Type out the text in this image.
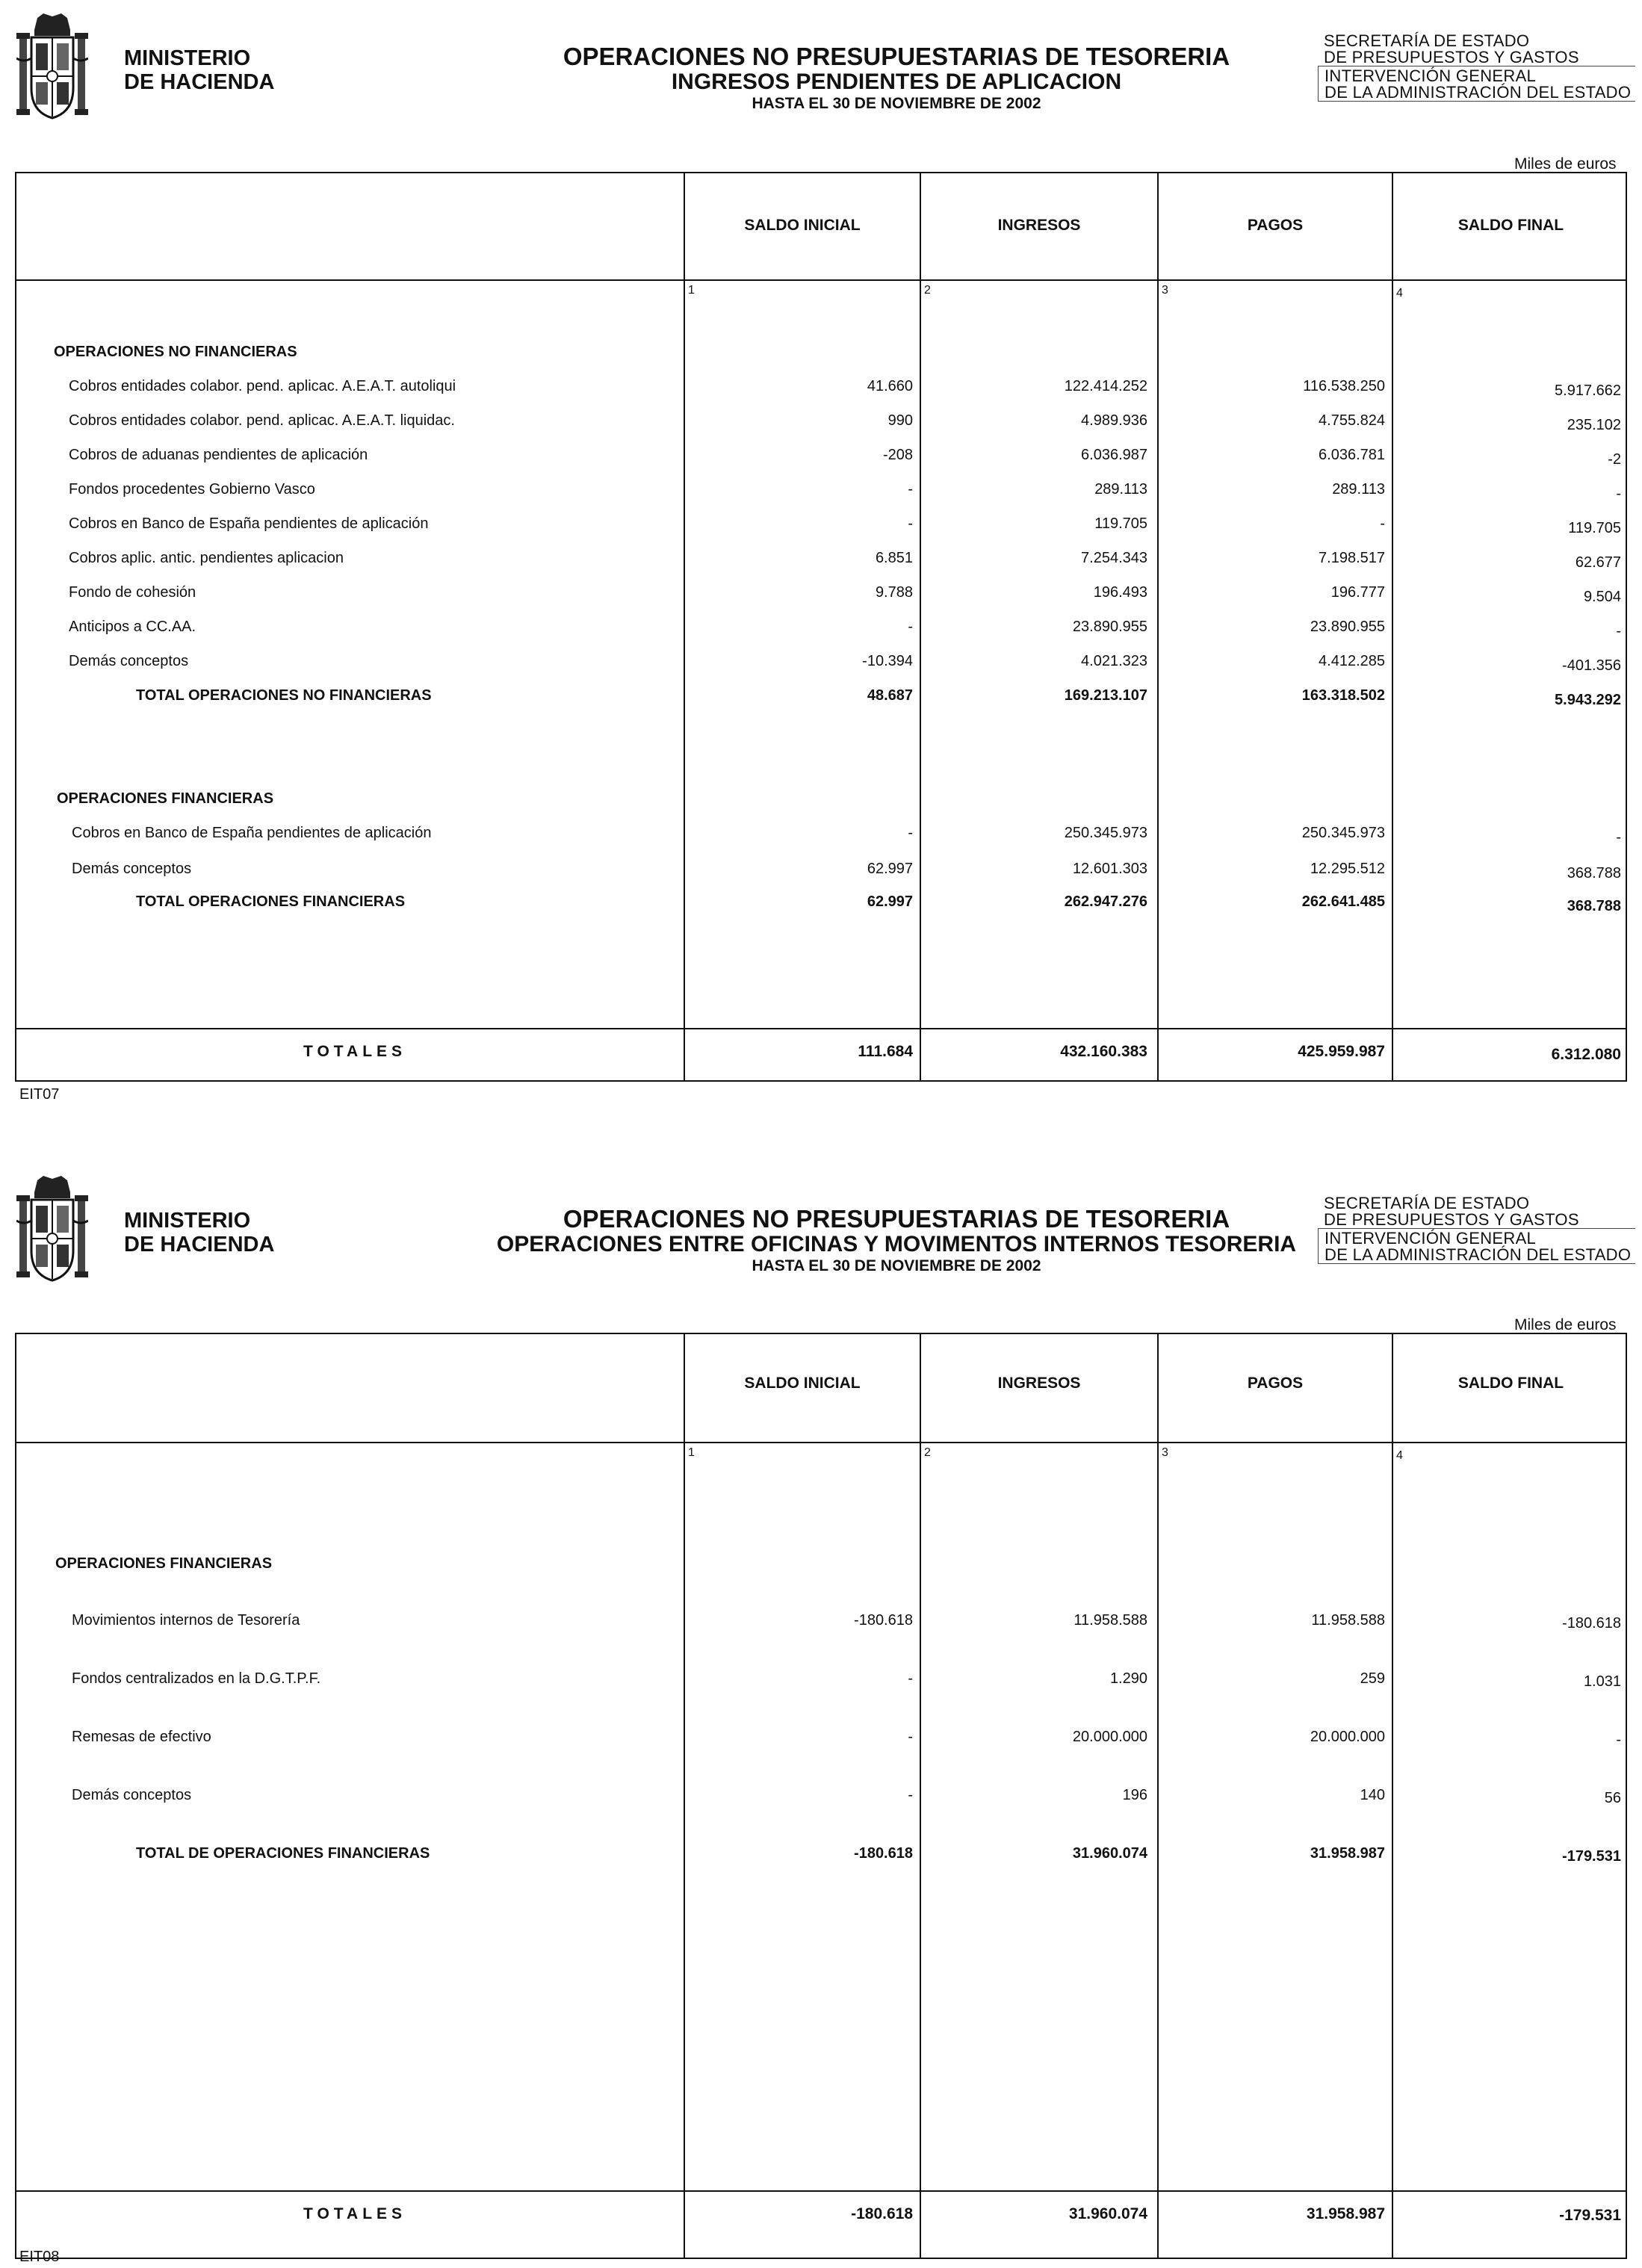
MINISTERIO
DE HACIENDA
OPERACIONES NO PRESUPUESTARIAS DE TESORERIA
INGRESOS PENDIENTES DE APLICACION
HASTA EL 30 DE NOVIEMBRE DE 2002
SECRETARÍA DE ESTADO
DE PRESUPUESTOS Y GASTOS
INTERVENCIÓN GENERAL
DE LA ADMINISTRACIÓN DEL ESTADO
Miles de euros
SALDO INICIAL	INGRESOS	PAGOS	SALDO FINAL
1	2	3	4
OPERACIONES NO FINANCIERAS
Cobros entidades colabor. pend. aplicac. A.E.A.T. autoliqui	41.660	122.414.252	116.538.250	5.917.662
Cobros entidades colabor. pend. aplicac. A.E.A.T. liquidac.	990	4.989.936	4.755.824	235.102
Cobros de aduanas pendientes de aplicación	-208	6.036.987	6.036.781	-2
Fondos procedentes Gobierno Vasco	-	289.113	289.113	-
Cobros en Banco de España pendientes de aplicación	-	119.705	-	119.705
Cobros aplic. antic. pendientes aplicacion	6.851	7.254.343	7.198.517	62.677
Fondo de cohesión	9.788	196.493	196.777	9.504
Anticipos a CC.AA.	-	23.890.955	23.890.955	-
Demás conceptos	-10.394	4.021.323	4.412.285	-401.356
TOTAL OPERACIONES NO FINANCIERAS	48.687	169.213.107	163.318.502	5.943.292
OPERACIONES FINANCIERAS
Cobros en Banco de España pendientes de aplicación	-	250.345.973	250.345.973	-
Demás conceptos	62.997	12.601.303	12.295.512	368.788
TOTAL OPERACIONES FINANCIERAS	62.997	262.947.276	262.641.485	368.788
TOTALES	111.684	432.160.383	425.959.987	6.312.080
EIT07
MINISTERIO
DE HACIENDA
OPERACIONES NO PRESUPUESTARIAS DE TESORERIA
OPERACIONES ENTRE OFICINAS Y MOVIMENTOS INTERNOS TESORERIA
HASTA EL 30 DE NOVIEMBRE DE 2002
SECRETARÍA DE ESTADO
DE PRESUPUESTOS Y GASTOS
INTERVENCIÓN GENERAL
DE LA ADMINISTRACIÓN DEL ESTADO
Miles de euros
SALDO INICIAL	INGRESOS	PAGOS	SALDO FINAL
1	2	3	4
OPERACIONES FINANCIERAS
Movimientos internos de Tesorería	-180.618	11.958.588	11.958.588	-180.618
Fondos centralizados en la D.G.T.P.F.	-	1.290	259	1.031
Remesas de efectivo	-	20.000.000	20.000.000	-
Demás conceptos	-	196	140	56
TOTAL DE OPERACIONES FINANCIERAS	-180.618	31.960.074	31.958.987	-179.531
TOTALES	-180.618	31.960.074	31.958.987	-179.531
EIT08
